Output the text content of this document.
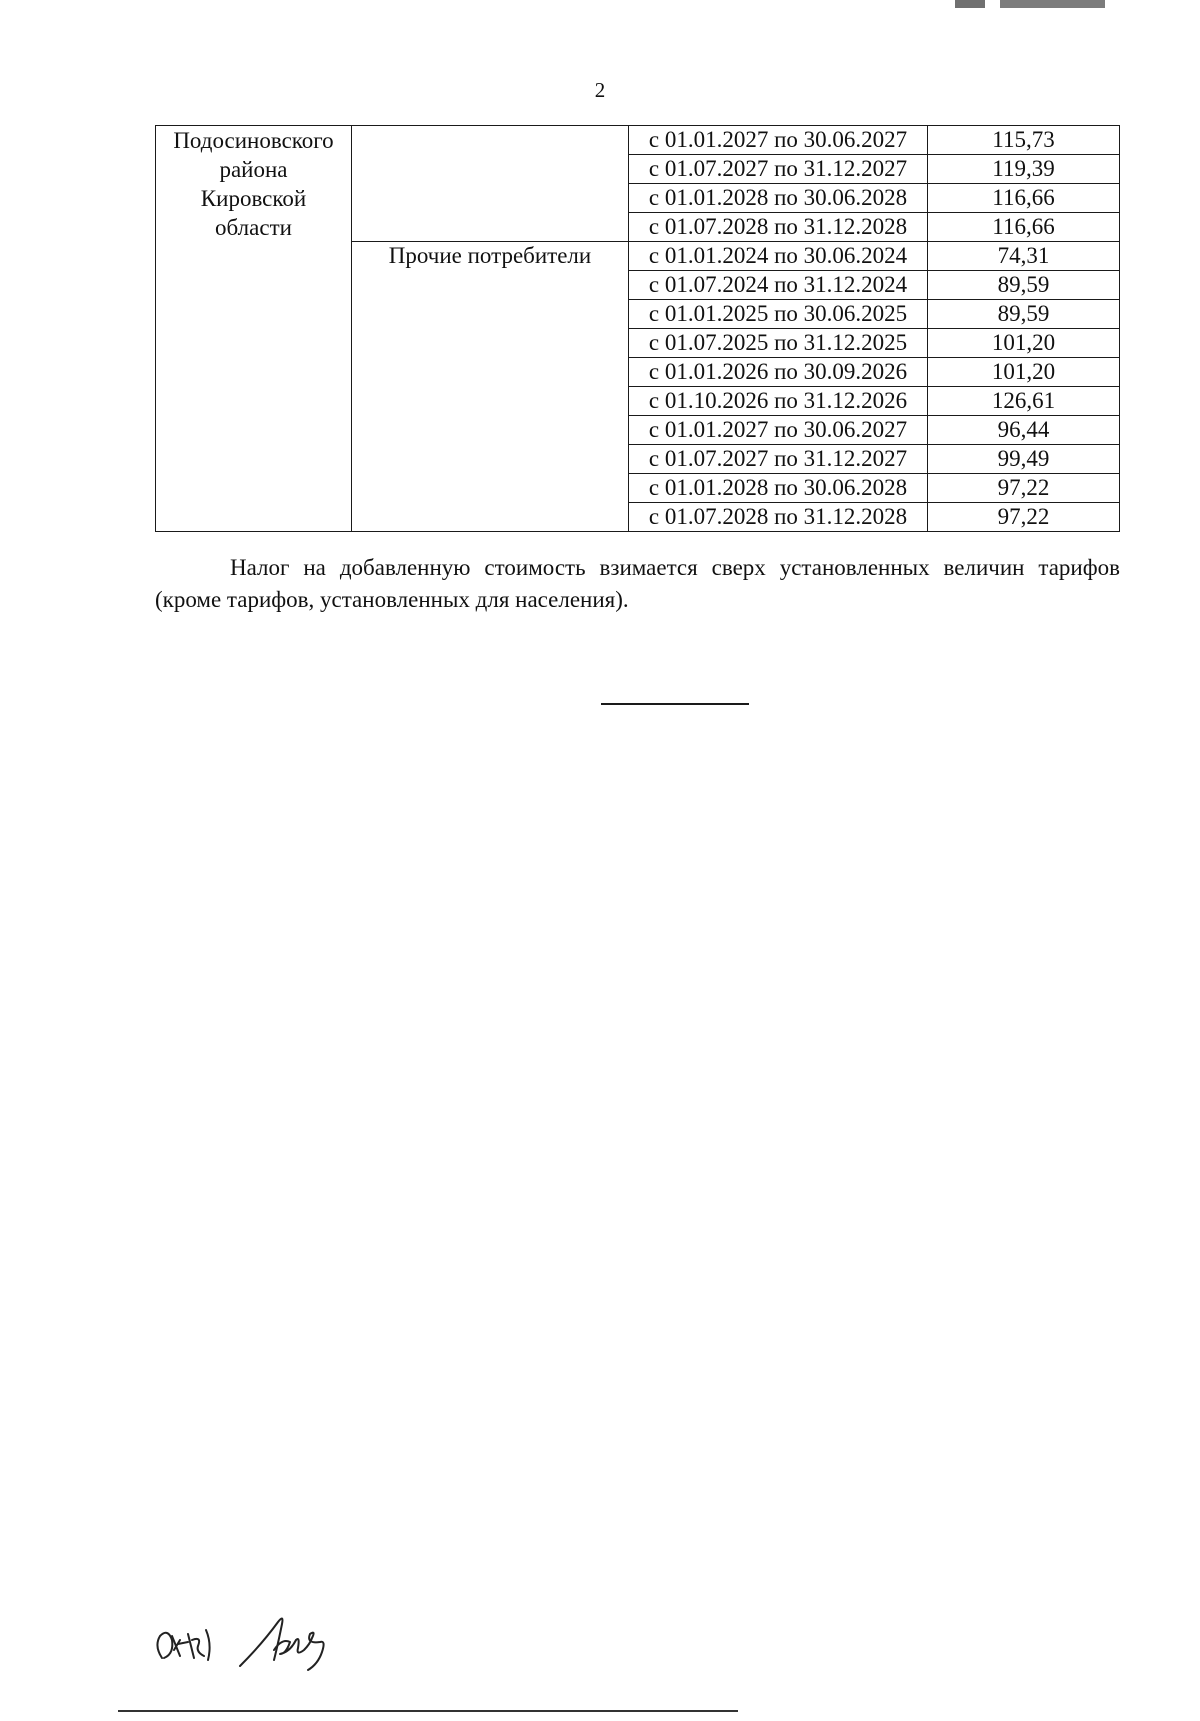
2
Подосиновского
района
Кировской
области		с 01.01.2027 по 30.06.2027	115,73
		с 01.07.2027 по 31.12.2027	119,39
		с 01.01.2028 по 30.06.2028	116,66
		с 01.07.2028 по 31.12.2028	116,66
	Прочие потребители	с 01.01.2024 по 30.06.2024	74,31
		с 01.07.2024 по 31.12.2024	89,59
		с 01.01.2025 по 30.06.2025	89,59
		с 01.07.2025 по 31.12.2025	101,20
		с 01.01.2026 по 30.09.2026	101,20
		с 01.10.2026 по 31.12.2026	126,61
		с 01.01.2027 по 30.06.2027	96,44
		с 01.07.2027 по 31.12.2027	99,49
		с 01.01.2028 по 30.06.2028	97,22
		с 01.07.2028 по 31.12.2028	97,22
Налог на добавленную стоимость взимается сверх установленных величин тарифов (кроме тарифов, установленных для населения).
